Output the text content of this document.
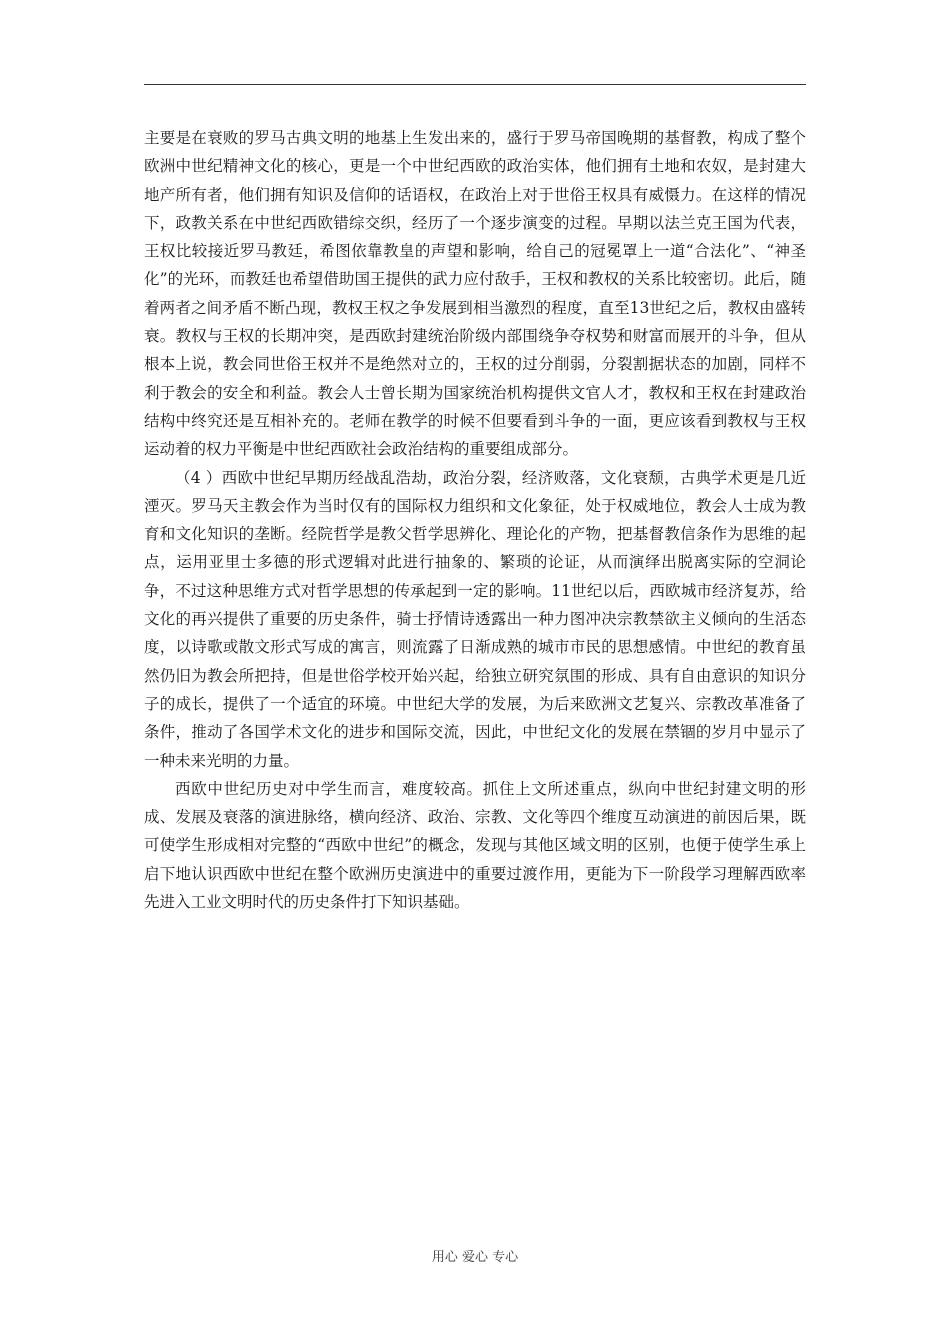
主要是在衰败的罗马古典文明的地基上生发出来的，盛行于罗马帝国晚期的基督教，构成了整个欧洲中世纪精神文化的核心，更是一个中世纪西欧的政治实体，他们拥有土地和农奴，是封建大地产所有者，他们拥有知识及信仰的话语权，在政治上对于世俗王权具有威慑力。在这样的情况下，政教关系在中世纪西欧错综交织，经历了一个逐步演变的过程。早期以法兰克王国为代表，王权比较接近罗马教廷，希图依靠教皇的声望和影响，给自己的冠冕罩上一道“合法化”、“神圣化”的光环，而教廷也希望借助国王提供的武力应付敌手，王权和教权的关系比较密切。此后，随着两者之间矛盾不断凸现，教权王权之争发展到相当激烈的程度，直至13世纪之后，教权由盛转衰。教权与王权的长期冲突，是西欧封建统治阶级内部围绕争夺权势和财富而展开的斗争，但从根本上说，教会同世俗王权并不是绝然对立的，王权的过分削弱，分裂割据状态的加剧，同样不利于教会的安全和利益。教会人士曾长期为国家统治机构提供文官人才，教权和王权在封建政治结构中终究还是互相补充的。老师在教学的时候不但要看到斗争的一面，更应该看到教权与王权运动着的权力平衡是中世纪西欧社会政治结构的重要组成部分。

（4 ）西欧中世纪早期历经战乱浩劫，政治分裂，经济败落，文化衰颓，古典学术更是几近湮灭。罗马天主教会作为当时仅有的国际权力组织和文化象征，处于权威地位，教会人士成为教育和文化知识的垄断。经院哲学是教父哲学思辨化、理论化的产物，把基督教信条作为思维的起点，运用亚里士多德的形式逻辑对此进行抽象的、繁琐的论证，从而演绎出脱离实际的空洞论争，不过这种思维方式对哲学思想的传承起到一定的影响。11世纪以后，西欧城市经济复苏，给文化的再兴提供了重要的历史条件，骑士抒情诗透露出一种力图冲决宗教禁欲主义倾向的生活态度，以诗歌或散文形式写成的寓言，则流露了日渐成熟的城市市民的思想感情。中世纪的教育虽然仍旧为教会所把持，但是世俗学校开始兴起，给独立研究氛围的形成、具有自由意识的知识分子的成长，提供了一个适宜的环境。中世纪大学的发展，为后来欧洲文艺复兴、宗教改革准备了条件，推动了各国学术文化的进步和国际交流，因此，中世纪文化的发展在禁锢的岁月中显示了一种未来光明的力量。

西欧中世纪历史对中学生而言，难度较高。抓住上文所述重点，纵向中世纪封建文明的形成、发展及衰落的演进脉络，横向经济、政治、宗教、文化等四个维度互动演进的前因后果，既可使学生形成相对完整的“西欧中世纪”的概念，发现与其他区域文明的区别，也便于使学生承上启下地认识西欧中世纪在整个欧洲历史演进中的重要过渡作用，更能为下一阶段学习理解西欧率先进入工业文明时代的历史条件打下知识基础。

用心 爱心 专心
